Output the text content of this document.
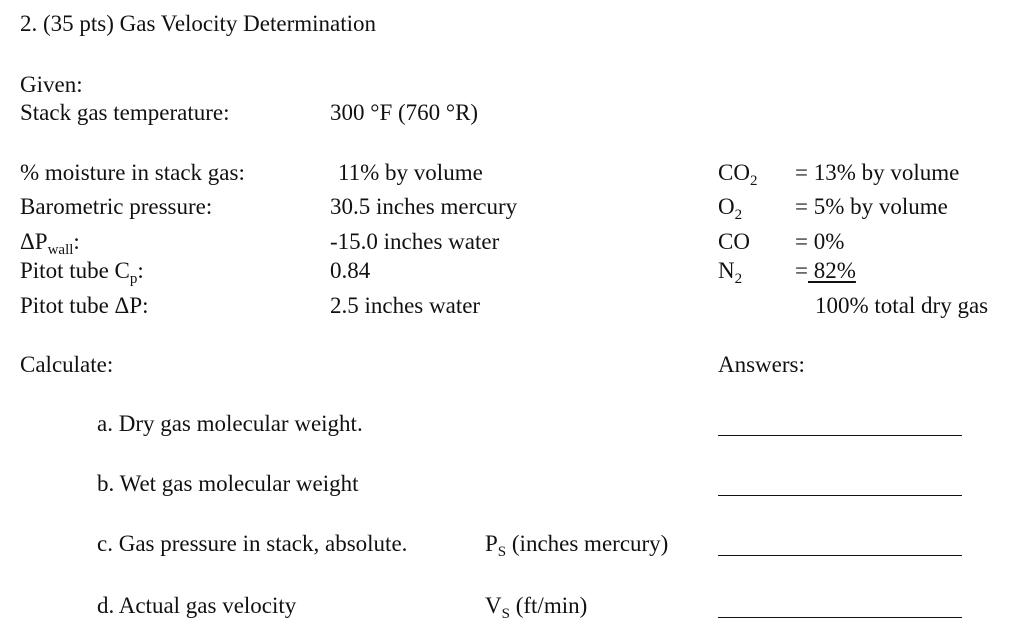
2. (35 pts) Gas Velocity Determination
Given:
Stack gas temperature:	300 °F (760 °R)
% moisture in stack gas:	11% by volume
Barometric pressure:	30.5 inches mercury
$\Delta P_{wall}$:	-15.0 inches water
Pitot tube $C_p$:	0.84
Pitot tube ΔP:	2.5 inches water
$CO_2 = 13\%$ by volume
$O_2 = 5\%$ by volume
CO = 0%
$N_2 = 82\%$
100% total dry gas
Calculate:	Answers:
a. Dry gas molecular weight.
b. Wet gas molecular weight
c. Gas pressure in stack, absolute.	$P_S$ (inches mercury)
d. Actual gas velocity	$V_S$ (ft/min)
